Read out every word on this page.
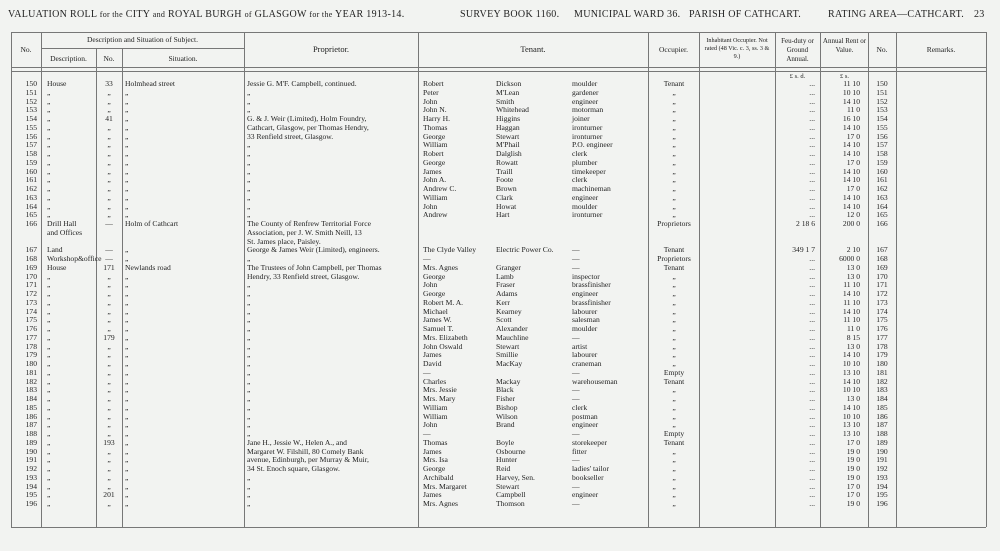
VALUATION ROLL for the CITY and ROYAL BURGH of GLASGOW for the YEAR 1913-14.	SURVEY BOOK 1160. MUNICIPAL WARD 36. PARISH OF CATHCART.	RATING AREA—CATHCART. 23
No.
Description and Situation of Subject.
Description.	No.	Situation.
Proprietor.	Tenant.	Occupier.
Inhabitant Occupier. Not rated (48 Vic. c. 3, ss. 3 & 9.)
Feu-duty or Ground Annual.
Annual Rent or Value.	No.	Remarks.
£ s. d.	£ s.
150 House	33	Holmhead street	Jessie G. M'F. Campbell, continued.	Robert	Dickson	moulder	Tenant	...	11 10	150
151 „	„	„	„	Peter	M'Lean	gardener	„	...	10 10	151
152 „	„	„	„	John	Smith	engineer	„	...	14 10	152
153 „	„	„	„	John N.	Whitehead	motorman	„	...	11 0	153
154 „	41	„	G. & J. Weir (Limited), Holm Foundry,	Harry H.	Higgins	joiner	„	...	16 10	154
155 „	„	„	Cathcart, Glasgow, per Thomas Hendry,	Thomas	Haggan	ironturner	„	...	14 10	155
156 „	„	„	33 Renfield street, Glasgow.	George	Stewart	ironturner	„	...	17 0	156
157 „	„	„	„	William	M'Phail	P.O. engineer	„	...	14 10	157
158 „	„	„	„	Robert	Dalglish	clerk	„	...	14 10	158
159 „	„	„	„	George	Rowatt	plumber	„	...	17 0	159
160 „	„	„	„	James	Traill	timekeeper	„	...	14 10	160
161 „	„	„	„	John A.	Foote	clerk	„	...	14 10	161
162 „	„	„	„	Andrew C.	Brown	machineman	„	...	17 0	162
163 „	„	„	„	William	Clark	engineer	„	...	14 10	163
164 „	„	„	„	John	Howat	moulder	„	...	14 10	164
165 „	„	„	„	Andrew	Hart	ironturner	„	...	12 0	165
166 Drill Hall	—	Holm of Cathcart	The County of Renfrew Territorial Force	Proprietors	2 18 6	200 0	166
and Offices	Association, per J. W. Smith Neill, 13
St. James place, Paisley.
167 Land	—	„	George & James Weir (Limited), engineers.	The Clyde Valley	Electric Power Co.	—	Tenant	349 1 7	2 10	167
168 Workshop&office —	„	„	—	—	Proprietors	...	6000 0	168
169 House	171	Newlands road	The Trustees of John Campbell, per Thomas	Mrs. Agnes	Granger	—	Tenant	...	13 0	169
170 „	„	„	Hendry, 33 Renfield street, Glasgow.	George	Lamb	inspector	„	...	13 0	170
171 „	„	„	„	John	Fraser	brassfinisher	„	...	11 10	171
172 „	„	„	„	George	Adams	engineer	„	...	14 10	172
173 „	„	„	„	Robert M. A.	Kerr	brassfinisher	„	...	11 10	173
174 „	„	„	„	Michael	Kearney	labourer	„	...	14 10	174
175 „	„	„	„	James W.	Scott	salesman	„	...	11 10	175
176 „	„	„	„	Samuel T.	Alexander	moulder	„	...	11 0	176
177 „	179	„	„	Mrs. Elizabeth	Mauchline	—	„	...	8 15	177
178 „	„	„	„	John Oswald	Stewart	artist	„	...	13 0	178
179 „	„	„	„	James	Smillie	labourer	„	...	14 10	179
180 „	„	„	„	David	MacKay	craneman	„	...	10 10	180
181 „	„	„	„	—	—	Empty	...	13 10	181
182 „	„	„	„	Charles	Mackay	warehouseman	Tenant	...	14 10	182
183 „	„	„	„	Mrs. Jessie	Black	—	„	...	10 10	183
184 „	„	„	„	Mrs. Mary	Fisher	—	„	...	13 0	184
185 „	„	„	„	William	Bishop	clerk	„	...	14 10	185
186 „	„	„	„	William	Wilson	postman	„	...	10 10	186
187 „	„	„	„	John	Brand	engineer	„	...	13 10	187
188 „	„	„	„	—	—	Empty	...	13 10	188
189 „	193	„	Jane H., Jessie W., Helen A., and	Thomas	Boyle	storekeeper	Tenant	...	17 0	189
190 „	„	„	Margaret W. Filshill, 80 Comely Bank	James	Osbourne	fitter	„	...	19 0	190
191 „	„	„	avenue, Edinburgh, per Murray & Muir,	Mrs. Isa	Hunter	—	„	...	19 0	191
192 „	„	„	34 St. Enoch square, Glasgow.	George	Reid	ladies' tailor	„	...	19 0	192
193 „	„	„	„	Archibald	Harvey, Sen.	bookseller	„	...	19 0	193
194 „	„	„	„	Mrs. Margaret	Stewart	—	„	...	17 0	194
195 „	201	„	„	James	Campbell	engineer	„	...	17 0	195
196 „	„	„	„	Mrs. Agnes	Thomson	—	„	...	19 0	196
